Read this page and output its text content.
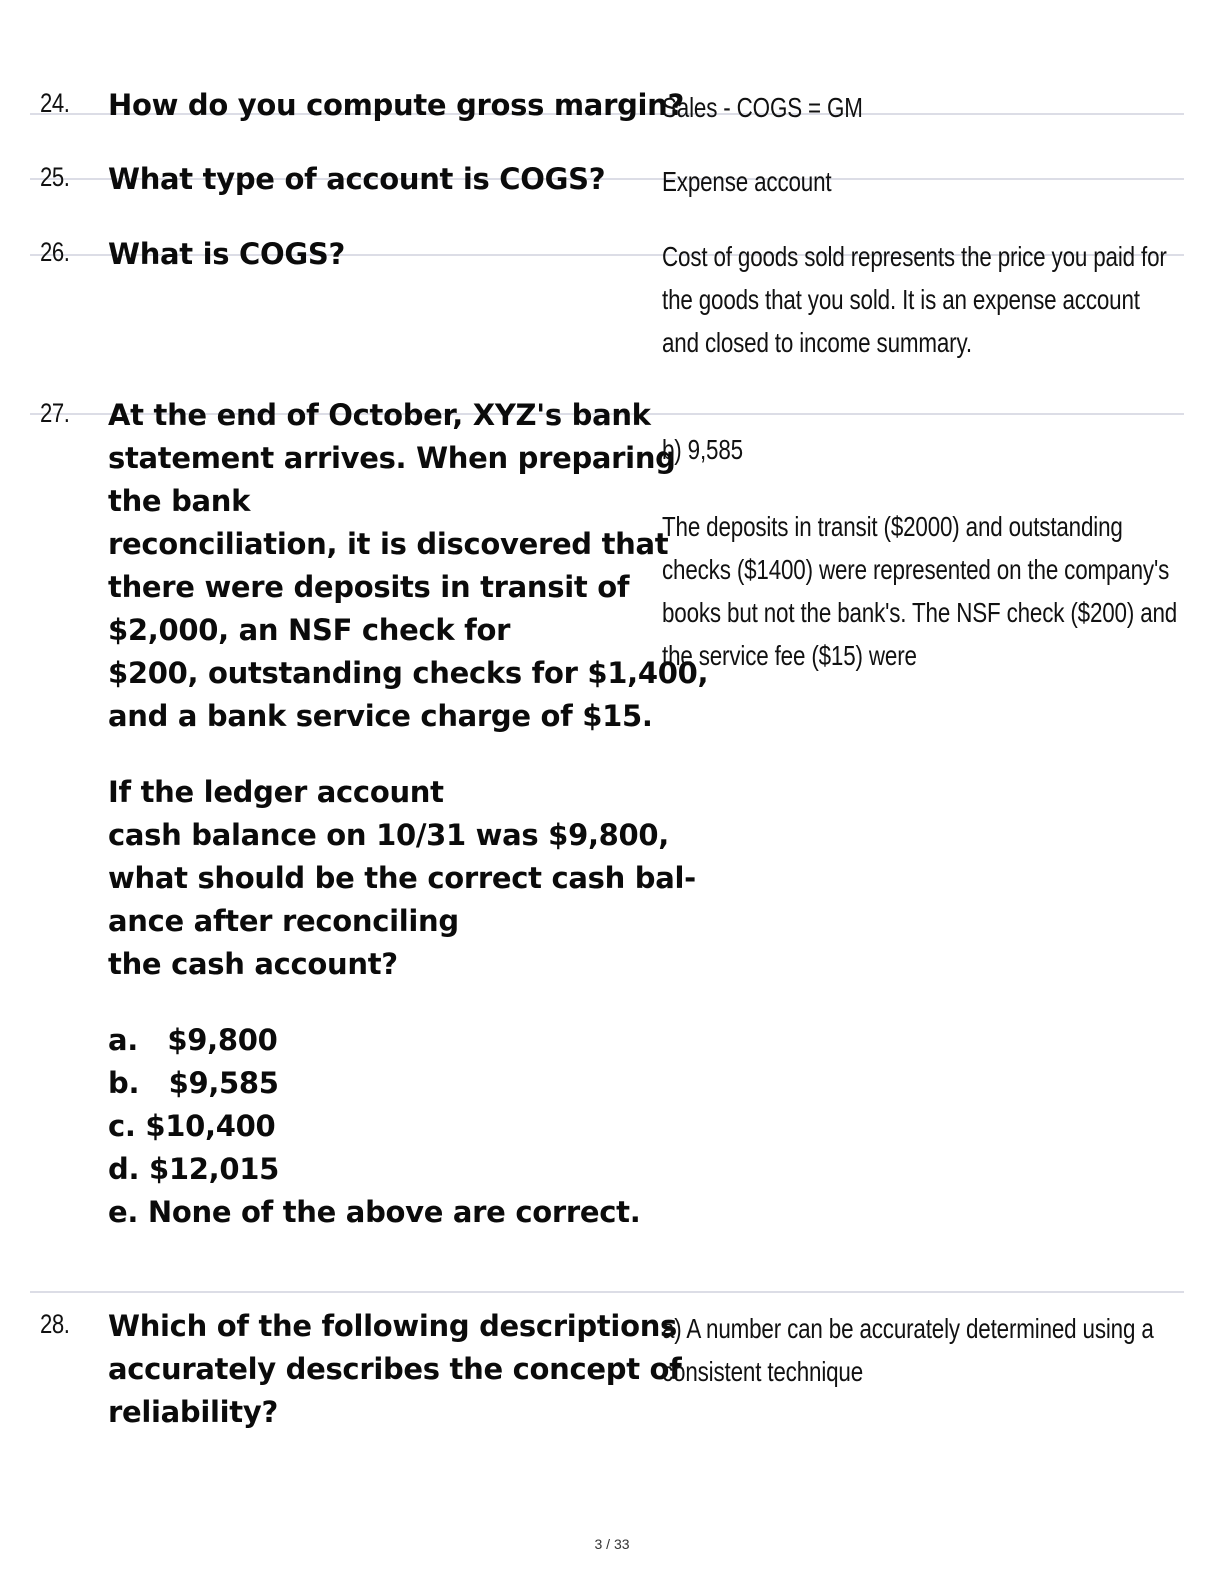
24. How do you compute gross margin?
Sales - COGS = GM
25. What type of account is COGS?	Expense account
26. What is COGS?	Cost of goods sold represents the price you paid for
the goods that you sold. It is an expense account
and closed to income summary.
27. At the end of October, XYZ's bank
statement arrives. When preparing
the bank
reconciliation, it is discovered that
there were deposits in transit of
$2,000, an NSF check for
$200, outstanding checks for $1,400,
and a bank service charge of $15.
If the ledger account
cash balance on 10/31 was $9,800,
what should be the correct cash bal-
ance after reconciling
the cash account?
a.   $9,800
b.   $9,585
c. $10,400
d. $12,015
e. None of the above are correct.
b) 9,585
The deposits in transit ($2000) and outstanding
checks ($1400) were represented on the company's
books but not the bank's. The NSF check ($200) and
the service fee ($15) were
28. Which of the following descriptions
accurately describes the concept of
reliability?
a) A number can be accurately determined using a
consistent technique
3 / 33
